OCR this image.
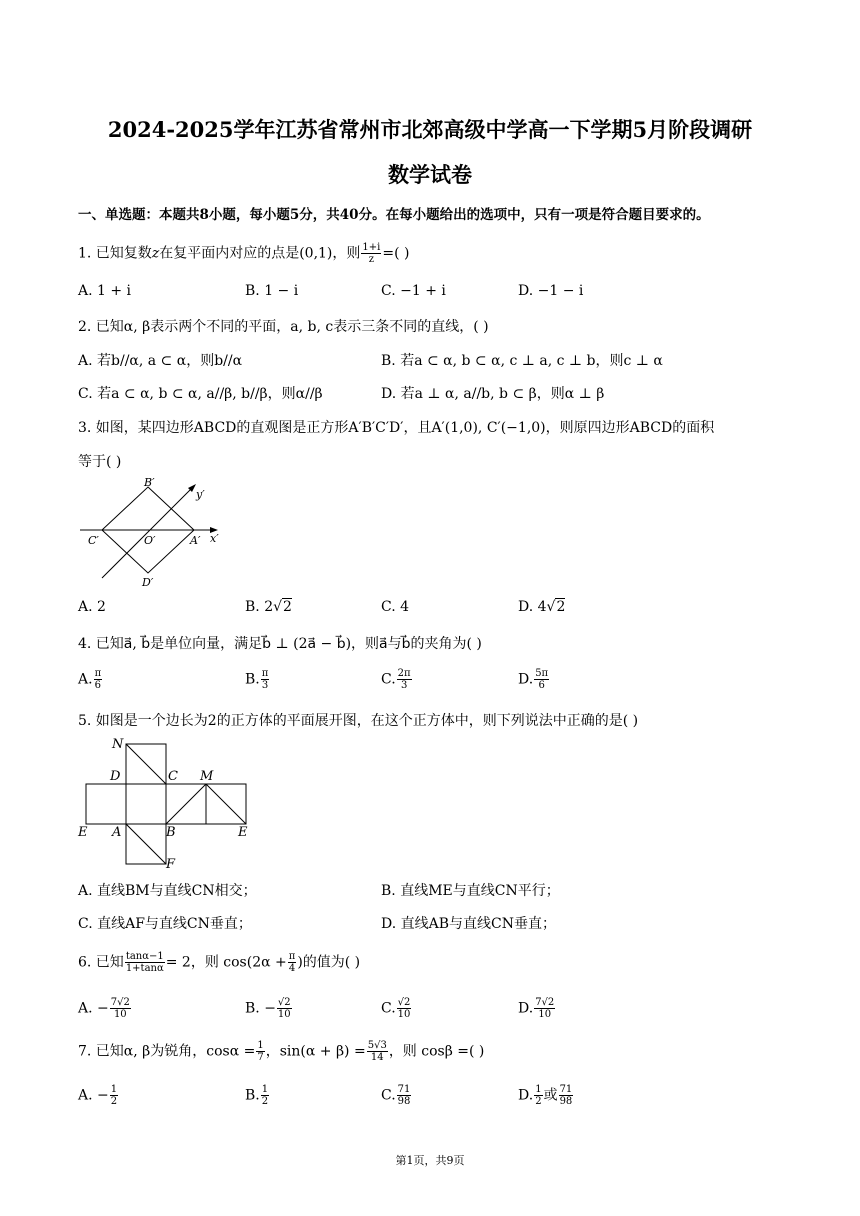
2024-2025学年江苏省常州市北郊高级中学高一下学期5月阶段调研
数学试卷
一、单选题：本题共8小题，每小题5分，共40分。在每小题给出的选项中，只有一项是符合题目要求的。
1. 已知复数z在复平面内对应的点是(0,1)，则 $\frac{1+i}{z}$ =( )
A. 1 + i	B. 1 − i	C. −1 + i	D. −1 − i
2. 已知α, β表示两个不同的平面，a, b, c表示三条不同的直线，( )
A. 若b//α, a ⊂ α，则b//α	B. 若a ⊂ α, b ⊂ α, c ⊥ a, c ⊥ b，则c ⊥ α
C. 若a ⊂ α, b ⊂ α, a//β, b//β，则α//β	D. 若a ⊥ α, a//b, b ⊂ β，则α ⊥ β
3. 如图，某四边形ABCD的直观图是正方形A′B′C′D′，且A′(1,0), C′(−1,0)，则原四边形ABCD的面积
等于( )
B′
y′
C′	O′	A′ x′
D′
A. 2	B. 2√2	C. 4	D. 4√2
4. 已知a⃗, b⃗是单位向量，满足b⃗ ⊥ (2a⃗ − b⃗)，则a⃗与b⃗的夹角为( )
A. $\frac{\pi}{6}$	B. $\frac{\pi}{3}$	C. $\frac{2\pi}{3}$	D. $\frac{5\pi}{6}$
5. 如图是一个边长为2的正方体的平面展开图，在这个正方体中，则下列说法中正确的是( )
N
D	C M
E A	B	E
F
A. 直线BM与直线CN相交；	B. 直线ME与直线CN平行；
C. 直线AF与直线CN垂直；	D. 直线AB与直线CN垂直；
6. 已知 $\frac{\tan\alpha-1}{1+\tan\alpha} = 2$，则 $\cos(2\alpha + \frac{\pi}{4}$ )的值为( )
A. − $\frac{7√2}{10}$	B. − $\frac{√2}{10}$	C. $\frac{√2}{10}$	D. $\frac{7√2}{10}$
7. 已知α, β为锐角，$\cos\alpha = \frac{1}{7}$ ，$\sin(\alpha + \beta) = \frac{5√3}{14}$ ，则 cosβ =( )
A. − $\frac{1}{2}$	B. $\frac{1}{2}$	C. $\frac{71}{98}$	D. $\frac{1}{2}$ 或 $\frac{71}{98}$
第1页，共9页
